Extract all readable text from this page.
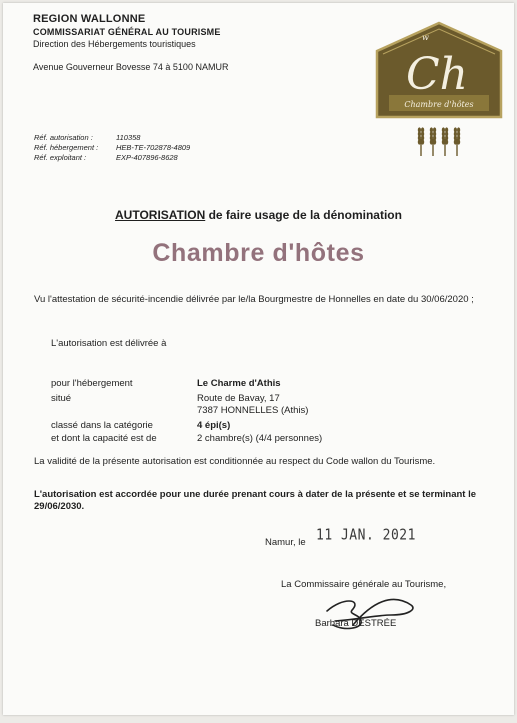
REGION WALLONNE
COMMISSARIAT GÉNÉRAL AU TOURISME
Direction des Hébergements touristiques
Avenue Gouverneur Bovesse 74 à 5100 NAMUR
w
Ch
Chambre d'hôtes
Réf. autorisation :	110358
Réf. hébergement :	HEB-TE-702878-4809
Réf. exploitant :	EXP-407896-8628
AUTORISATION de faire usage de la dénomination
Chambre d'hôtes
Vu l'attestation de sécurité-incendie délivrée par le/la Bourgmestre de Honnelles en date du 30/06/2020 ;
L'autorisation est délivrée à
pour l'hébergement	Le Charme d'Athis
situé	Route de Bavay, 17
7387 HONNELLES (Athis)
classé dans la catégorie	4 épi(s)
et dont la capacité est de	2 chambre(s) (4/4 personnes)
La validité de la présente autorisation est conditionnée au respect du Code wallon du Tourisme.
L'autorisation est accordée pour une durée prenant cours à dater de la présente et se terminant le 29/06/2030.
Namur, le 11 JAN. 2021
La Commissaire générale au Tourisme,
Barbara DESTRÉE
